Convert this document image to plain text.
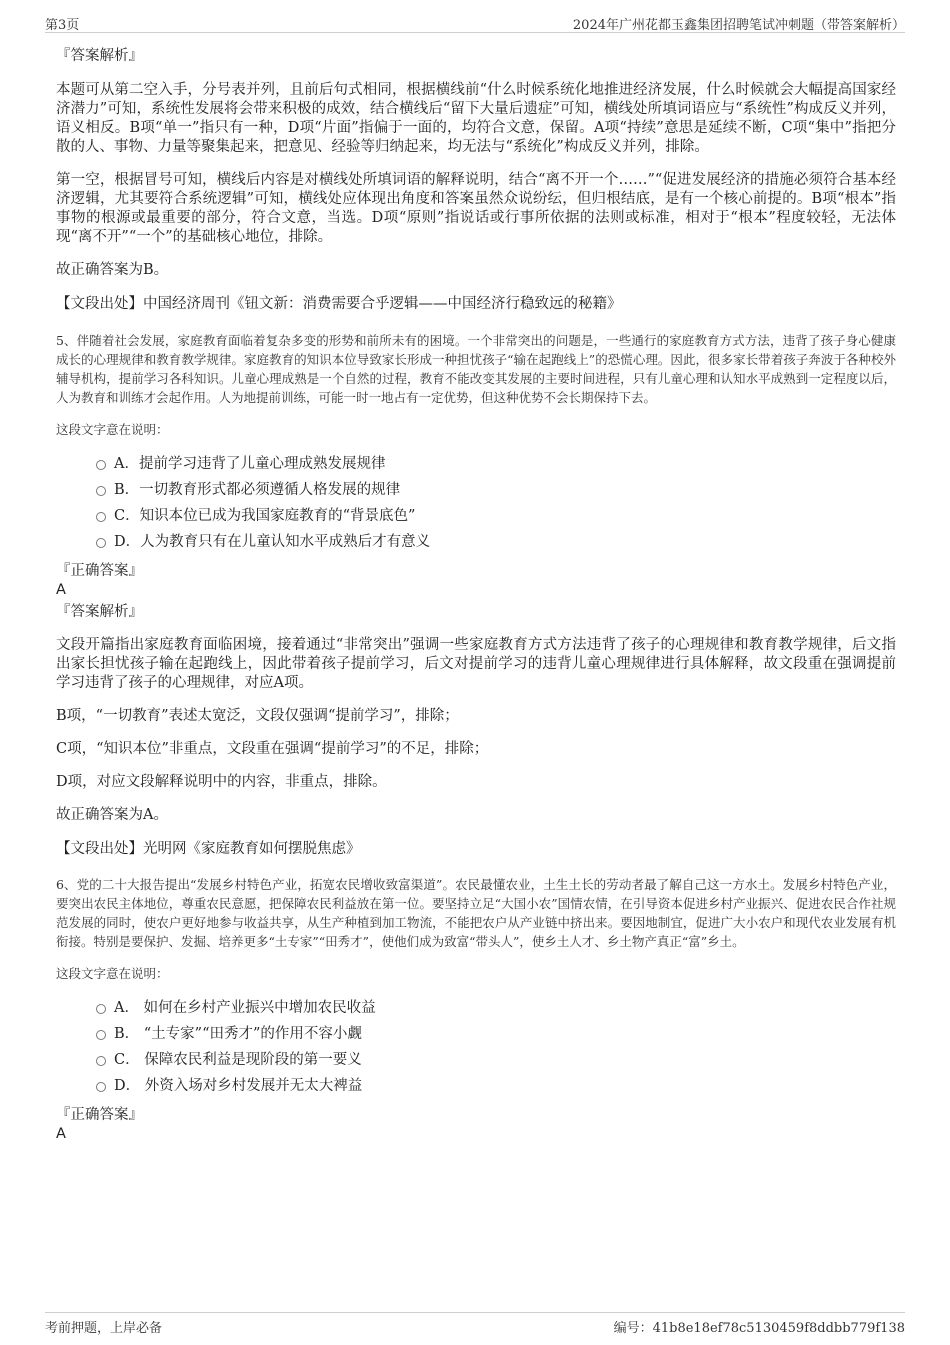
第3页	2024年广州花都玉鑫集团招聘笔试冲刺题（带答案解析）

『答案解析』

本题可从第二空入手，分号表并列，且前后句式相同，根据横线前“什么时候系统化地推进经济发展，什么时候就会大幅提高国家经济潜力”可知，系统性发展将会带来积极的成效，结合横线后“留下大量后遗症”可知，横线处所填词语应与“系统性”构成反义并列，语义相反。B项“单一”指只有一种，D项“片面”指偏于一面的，均符合文意，保留。A项“持续”意思是延续不断，C项“集中”指把分散的人、事物、力量等聚集起来，把意见、经验等归纳起来，均无法与“系统化”构成反义并列，排除。

第一空，根据冒号可知，横线后内容是对横线处所填词语的解释说明，结合“离不开一个……”“促进发展经济的措施必须符合基本经济逻辑，尤其要符合系统逻辑”可知，横线处应体现出角度和答案虽然众说纷纭，但归根结底，是有一个核心前提的。B项“根本”指事物的根源或最重要的部分，符合文意，当选。D项“原则”指说话或行事所依据的法则或标准，相对于“根本”程度较轻，无法体现“离不开”“一个”的基础核心地位，排除。

故正确答案为B。

【文段出处】中国经济周刊《钮文新：消费需要合乎逻辑——中国经济行稳致远的秘籍》

5、伴随着社会发展，家庭教育面临着复杂多变的形势和前所未有的困境。一个非常突出的问题是，一些通行的家庭教育方式方法，违背了孩子身心健康成长的心理规律和教育教学规律。家庭教育的知识本位导致家长形成一种担忧孩子“输在起跑线上”的恐慌心理。因此，很多家长带着孩子奔波于各种校外辅导机构，提前学习各科知识。儿童心理成熟是一个自然的过程，教育不能改变其发展的主要时间进程，只有儿童心理和认知水平成熟到一定程度以后，人为教育和训练才会起作用。人为地提前训练，可能一时一地占有一定优势，但这种优势不会长期保持下去。

这段文字意在说明：

A．提前学习违背了儿童心理成熟发展规律
B．一切教育形式都必须遵循人格发展的规律
C．知识本位已成为我国家庭教育的“背景底色”
D．人为教育只有在儿童认知水平成熟后才有意义

『正确答案』

A

『答案解析』

文段开篇指出家庭教育面临困境，接着通过“非常突出”强调一些家庭教育方式方法违背了孩子的心理规律和教育教学规律，后文指出家长担忧孩子输在起跑线上，因此带着孩子提前学习，后文对提前学习的违背儿童心理规律进行具体解释，故文段重在强调提前学习违背了孩子的心理规律，对应A项。

B项，“一切教育”表述太宽泛，文段仅强调“提前学习”，排除；

C项，“知识本位”非重点，文段重在强调“提前学习”的不足，排除；

D项，对应文段解释说明中的内容，非重点，排除。

故正确答案为A。

【文段出处】光明网《家庭教育如何摆脱焦虑》

6、党的二十大报告提出“发展乡村特色产业，拓宽农民增收致富渠道”。农民最懂农业，土生土长的劳动者最了解自己这一方水土。发展乡村特色产业，要突出农民主体地位，尊重农民意愿，把保障农民利益放在第一位。要坚持立足“大国小农”国情农情，在引导资本促进乡村产业振兴、促进农民合作社规范发展的同时，使农户更好地参与收益共享，从生产种植到加工物流，不能把农户从产业链中挤出来。要因地制宜，促进广大小农户和现代农业发展有机衔接。特别是要保护、发掘、培养更多“土专家”“田秀才”，使他们成为致富“带头人”，使乡土人才、乡土物产真正“富”乡土。

这段文字意在说明：

A． 如何在乡村产业振兴中增加农民收益
B． “土专家”“田秀才”的作用不容小觑
C． 保障农民利益是现阶段的第一要义
D． 外资入场对乡村发展并无太大裨益

『正确答案』

A

考前押题，上岸必备	编号：41b8e18ef78c5130459f8ddbb779f138
